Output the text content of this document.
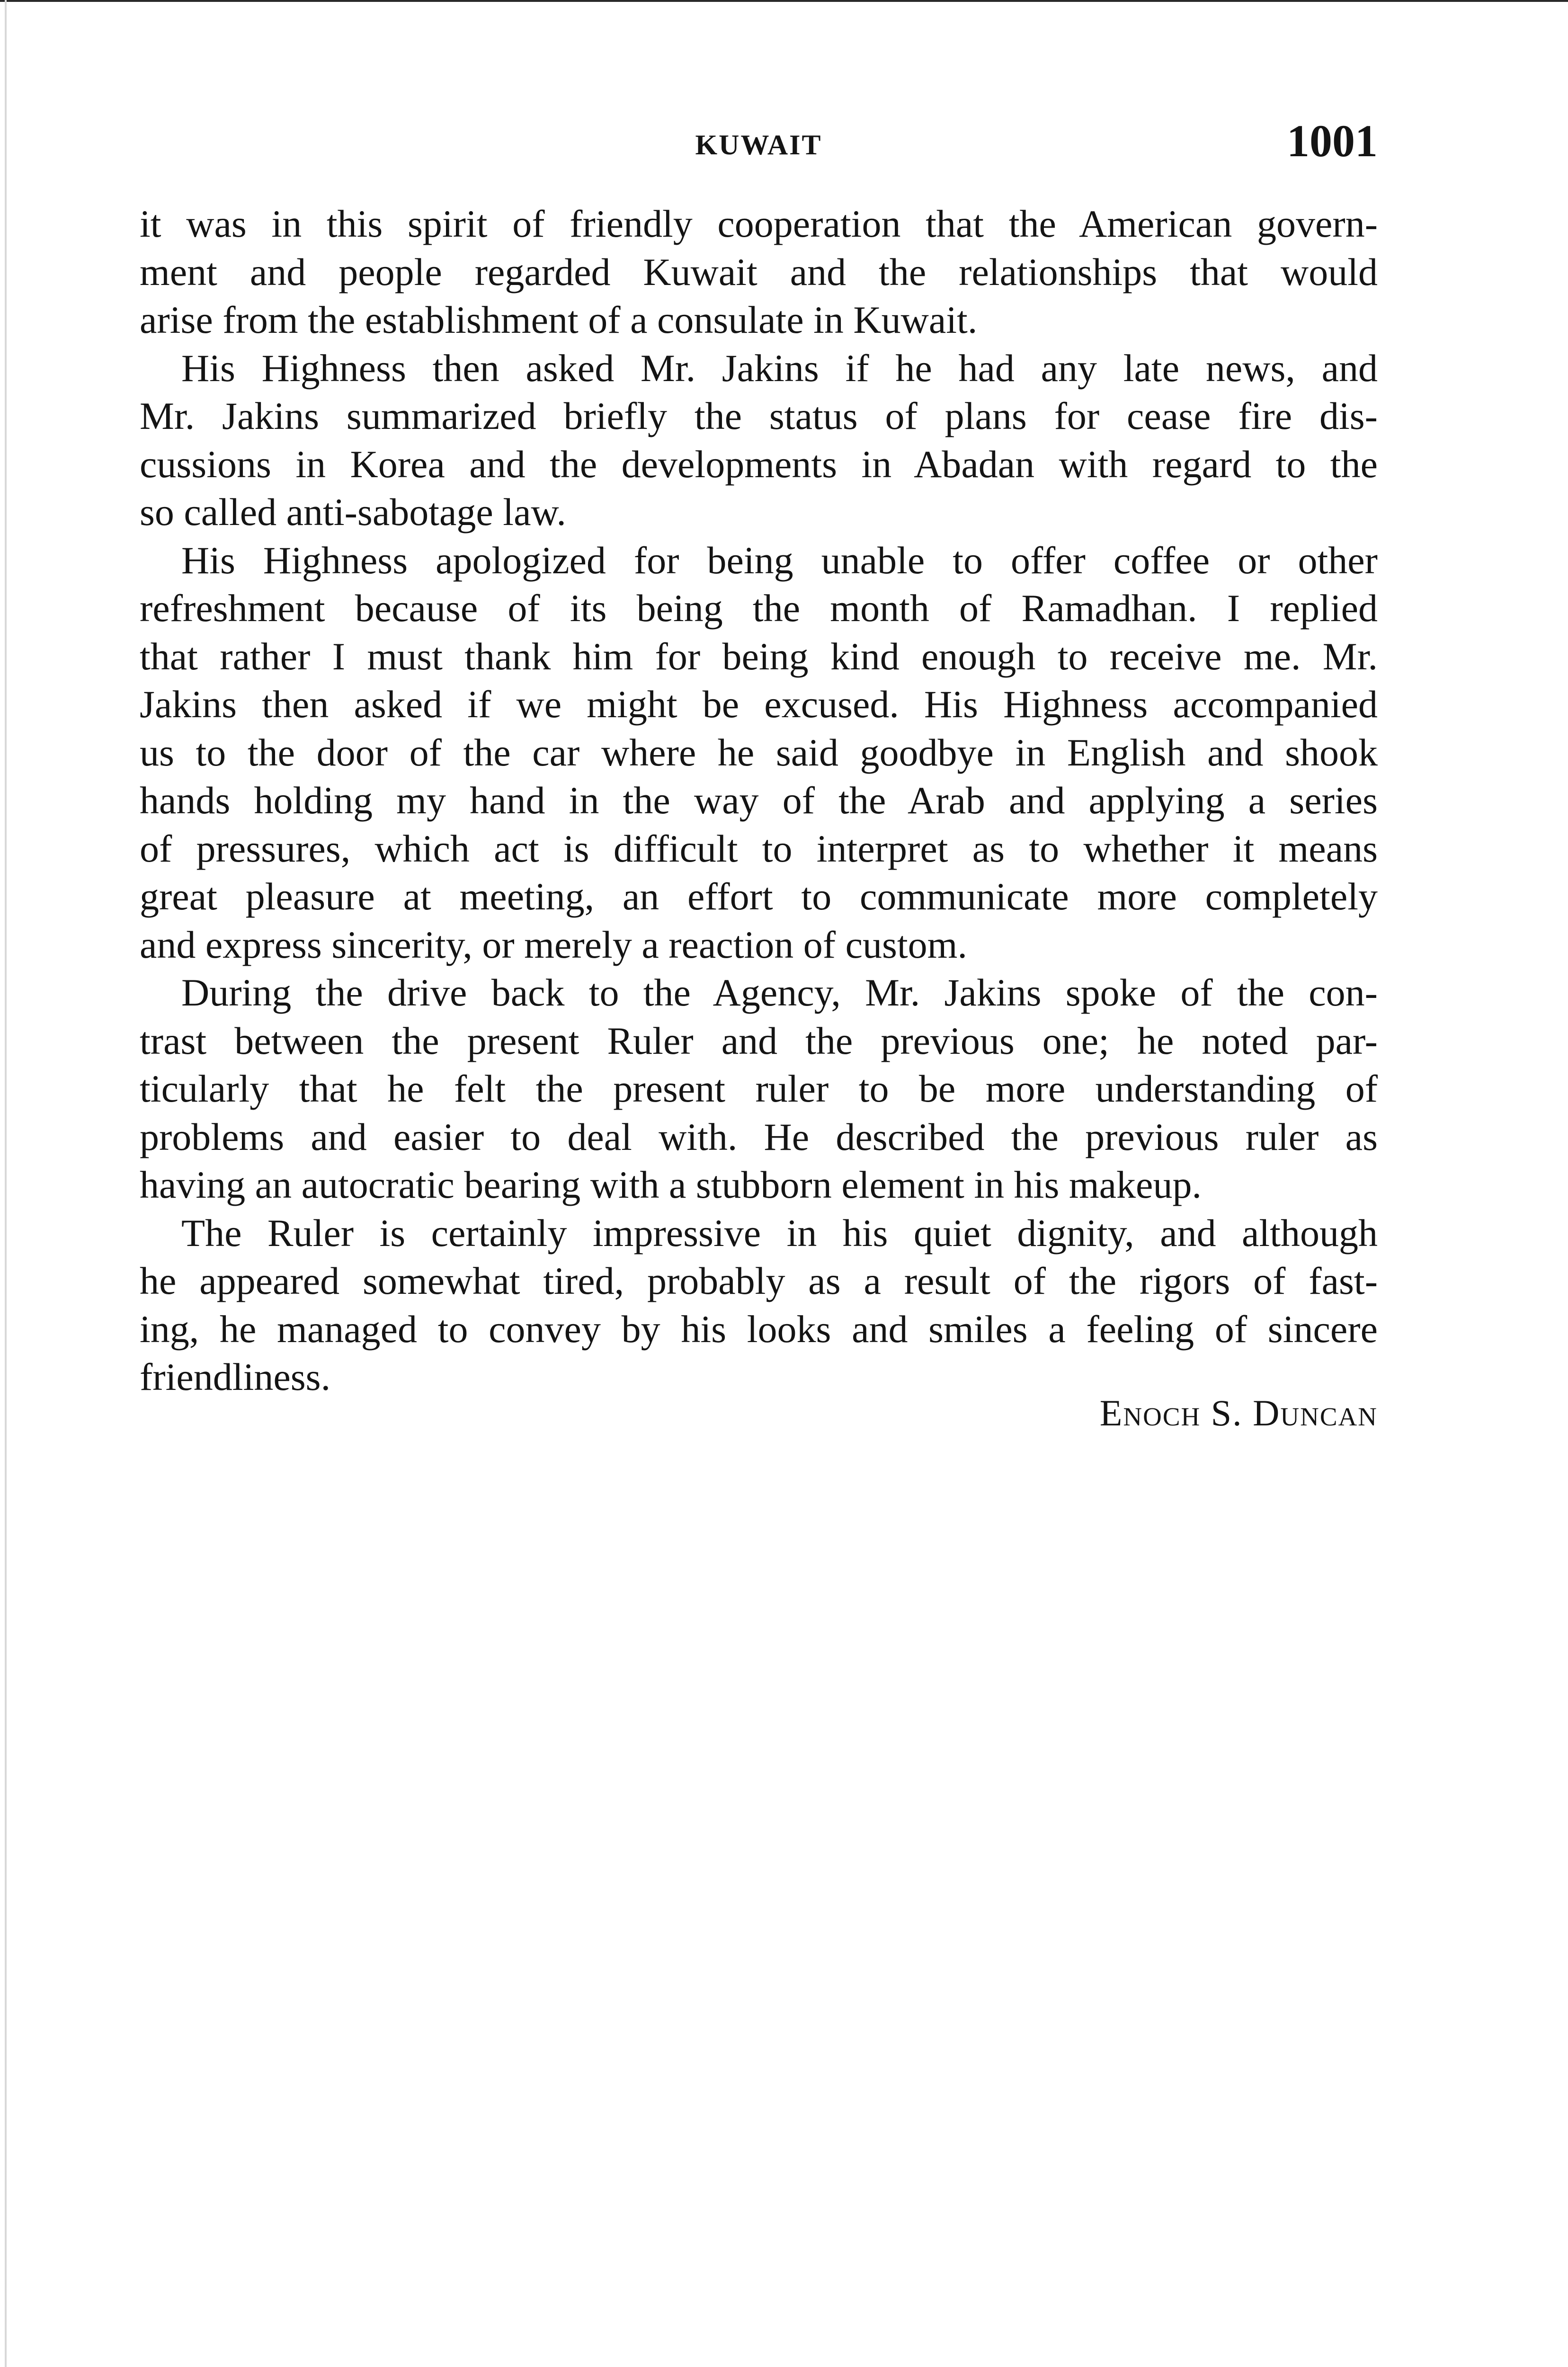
KUWAIT	1001
it was in this spirit of friendly cooperation that the American govern-
ment and people regarded Kuwait and the relationships that would
arise from the establishment of a consulate in Kuwait.
His Highness then asked Mr. Jakins if he had any late news, and
Mr. Jakins summarized briefly the status of plans for cease fire dis-
cussions in Korea and the developments in Abadan with regard to the
so called anti-sabotage law.
His Highness apologized for being unable to offer coffee or other
refreshment because of its being the month of Ramadhan. I replied
that rather I must thank him for being kind enough to receive me. Mr.
Jakins then asked if we might be excused. His Highness accompanied
us to the door of the car where he said goodbye in English and shook
hands holding my hand in the way of the Arab and applying a series
of pressures, which act is difficult to interpret as to whether it means
great pleasure at meeting, an effort to communicate more completely
and express sincerity, or merely a reaction of custom.
During the drive back to the Agency, Mr. Jakins spoke of the con-
trast between the present Ruler and the previous one; he noted par-
ticularly that he felt the present ruler to be more understanding of
problems and easier to deal with. He described the previous ruler as
having an autocratic bearing with a stubborn element in his makeup.
The Ruler is certainly impressive in his quiet dignity, and although
he appeared somewhat tired, probably as a result of the rigors of fast-
ing, he managed to convey by his looks and smiles a feeling of sincere
friendliness.
Enoch S. Duncan
